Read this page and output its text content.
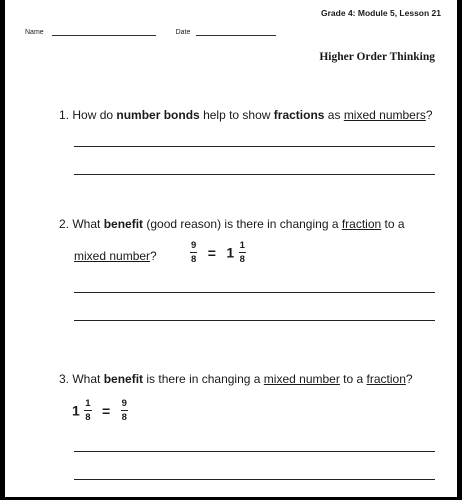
Grade 4: Module 5, Lesson 21
Name	Date
Higher Order Thinking
1. How do number bonds help to show fractions as mixed numbers?
2. What benefit (good reason) is there in changing a fraction to a
mixed number?	$\frac{9}{8} = 1 \frac{1}{8}$
3. What benefit is there in changing a mixed number to a fraction?
$1 \frac{1}{8} = \frac{9}{8}$
